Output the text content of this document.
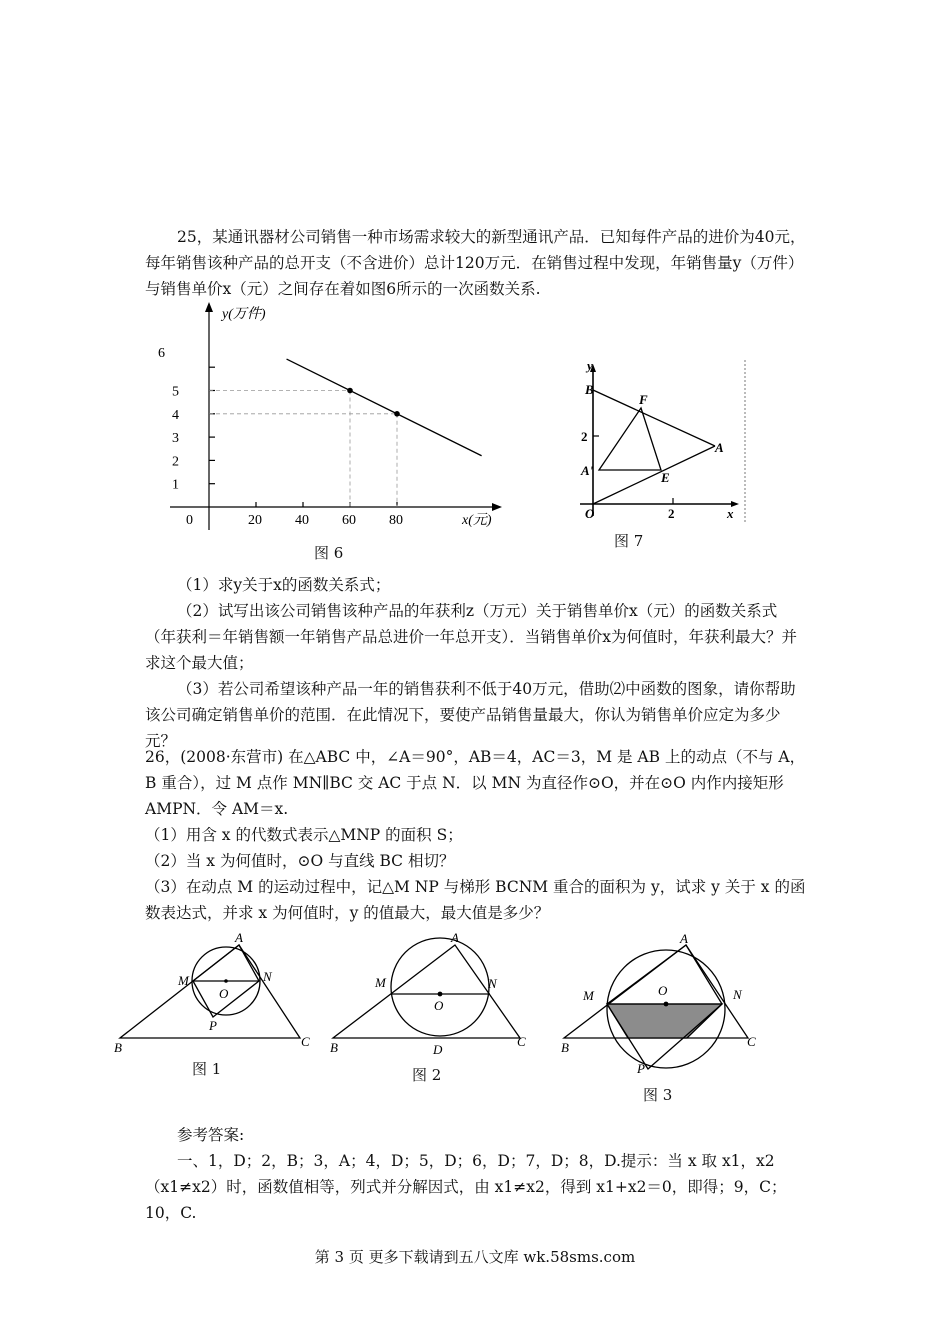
25，某通讯器材公司销售一种市场需求较大的新型通讯产品．已知每件产品的进价为40元，每年销售该种产品的总开支（不含进价）总计120万元．在销售过程中发现，年销售量y（万件）与销售单价x（元）之间存在着如图6所示的一次函数关系.

1
2
3
4
5
6
20 40 60 80
y(万件)
x(元)
0
图 6
y
x
B
F
A
A'	E
O
2
2
图 7

（1）求y关于x的函数关系式；

（2）试写出该公司销售该种产品的年获利z（万元）关于销售单价x（元）的函数关系式（年获利＝年销售额一年销售产品总进价一年总开支）．当销售单价x为何值时，年获利最大？并求这个最大值；

（3）若公司希望该种产品一年的销售获利不低于40万元，借助⑵中函数的图象，请你帮助该公司确定销售单价的范围．在此情况下，要使产品销售量最大，你认为销售单价应定为多少元？

26，(2008·东营市) 在△ABC 中，∠A＝90°，AB＝4，AC＝3，M 是 AB 上的动点（不与 A，B 重合），过 M 点作 MN∥BC 交 AC 于点 N．以 MN 为直径作⊙O，并在⊙O 内作内接矩形 AMPN．令 AM＝x.

（1）用含 x 的代数式表示△MNP 的面积 S；

（2）当 x 为何值时，⊙O 与直线 BC 相切？

（3）在动点 M 的运动过程中，记△M NP 与梯形 BCNM 重合的面积为 y，试求 y 关于 x 的函数表达式，并求 x 为何值时，y 的值最大，最大值是多少？

A
M	N
O
P
B	C
A
M	N
O
D
B	C
A
M	N
O
P
B	C
图 1	图 2
图 3

参考答案:

一、1，D；2，B；3，A；4，D；5，D；6，D；7，D；8，D.提示：当 x 取 x1，x2（x1≠x2）时，函数值相等，列式并分解因式，由 x1≠x2，得到 x1+x2＝0，即得；9，C；10，C.

第 3 页 更多下载请到五八文库 wk.58sms.com
